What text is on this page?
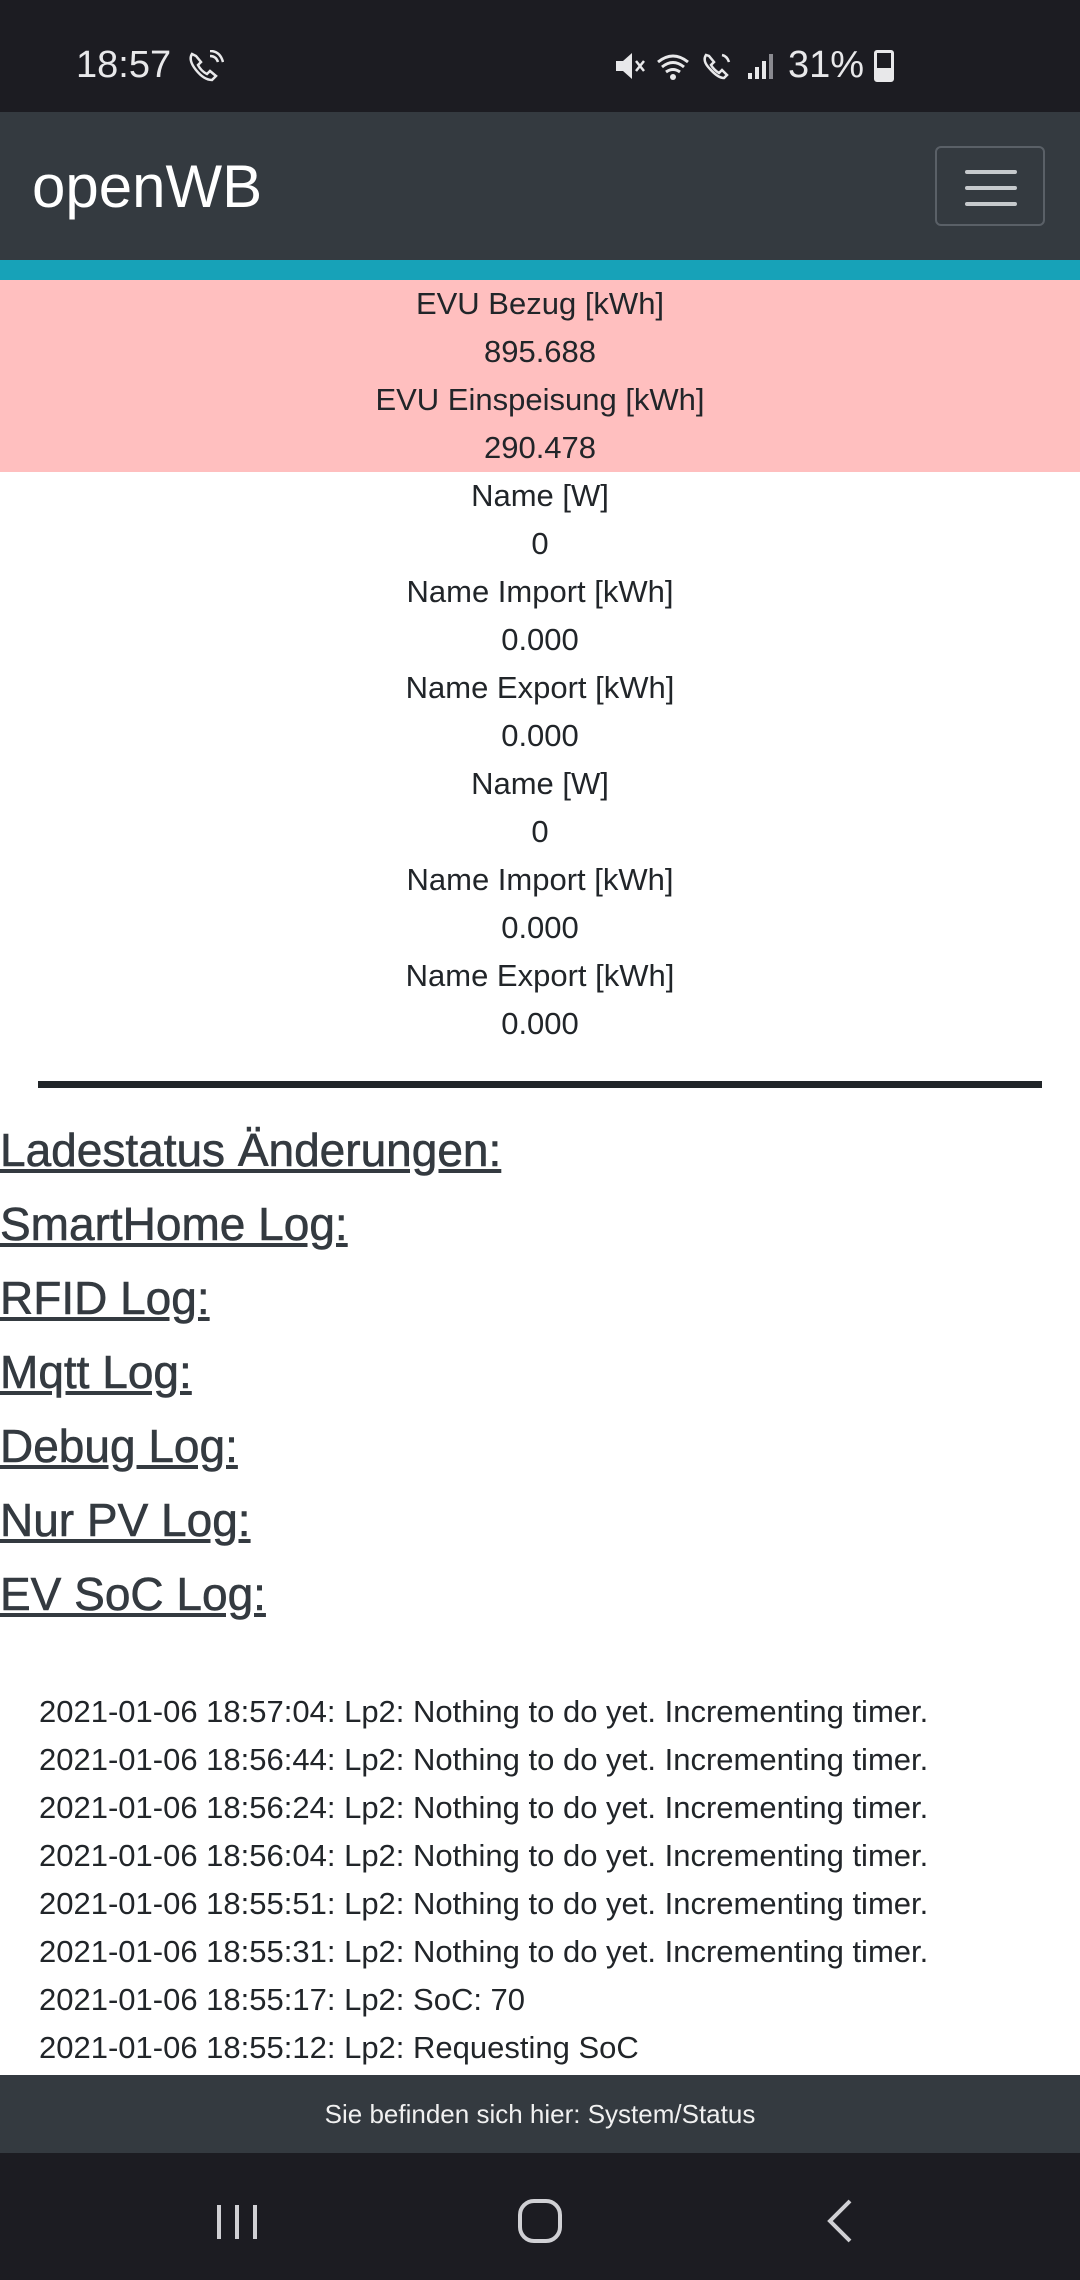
18:57	31%
openWB
EVU Bezug [kWh]
895.688
EVU Einspeisung [kWh]
290.478
Name [W]
0
Name Import [kWh]
0.000
Name Export [kWh]
0.000
Name [W]
0
Name Import [kWh]
0.000
Name Export [kWh]
0.000
Ladestatus Änderungen:
SmartHome Log:
RFID Log:
Mqtt Log:
Debug Log:
Nur PV Log:
EV SoC Log:
2021-01-06 18:57:04: Lp2: Nothing to do yet. Incrementing timer.
2021-01-06 18:56:44: Lp2: Nothing to do yet. Incrementing timer.
2021-01-06 18:56:24: Lp2: Nothing to do yet. Incrementing timer.
2021-01-06 18:56:04: Lp2: Nothing to do yet. Incrementing timer.
2021-01-06 18:55:51: Lp2: Nothing to do yet. Incrementing timer.
2021-01-06 18:55:31: Lp2: Nothing to do yet. Incrementing timer.
2021-01-06 18:55:17: Lp2: SoC: 70
2021-01-06 18:55:12: Lp2: Requesting SoC
Sie befinden sich hier: System/Status
